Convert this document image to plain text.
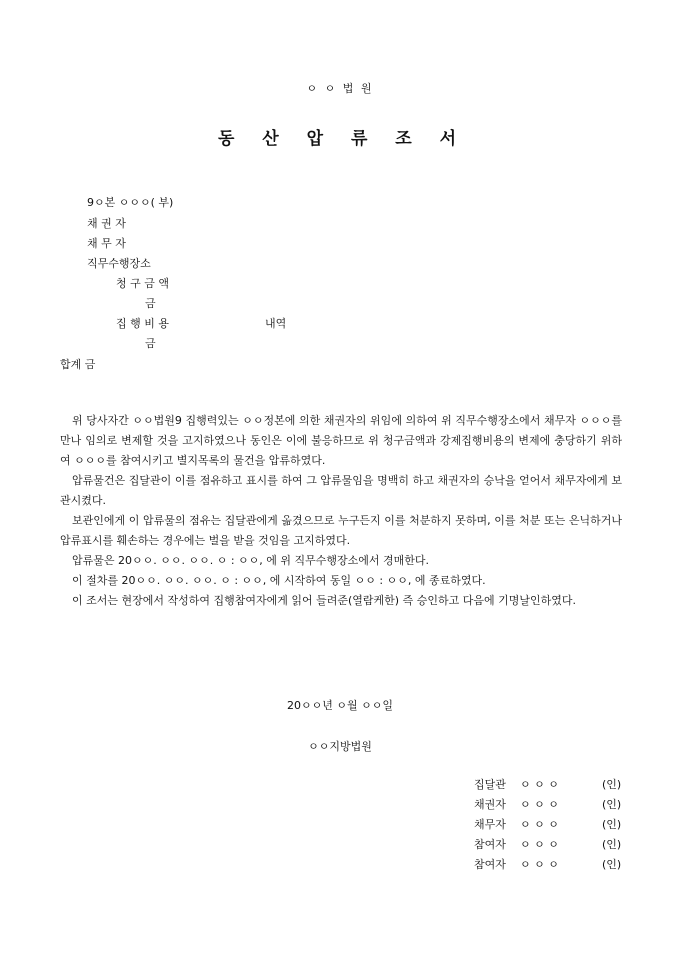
ㅇ ㅇ 법 원
동 산 압 류 조 서
9ㅇ본 ㅇㅇㅇ( 부)
채 권 자
채 무 자
직무수행장소
청 구 금 액
금
집 행 비 용	내역
금
합계 금

위 당사자간 ㅇㅇ법원9 집행력있는 ㅇㅇ정본에 의한 채권자의 위임에 의하여 위 직무수행장소에서 채무자 ㅇㅇㅇ를 만나 임의로 변제할 것을 고지하였으나 동인은 이에 불응하므로 위 청구금액과 강제집행비용의 변제에 충당하기 위하여 ㅇㅇㅇ를 참여시키고 별지목록의 물건을 압류하였다.

압류물건은 집달관이 이를 점유하고 표시를 하여 그 압류물임을 명백히 하고 채권자의 승낙을 얻어서 채무자에게 보관시켰다.

보관인에게 이 압류물의 점유는 집달관에게 옮겼으므로 누구든지 이를 처분하지 못하며, 이를 처분 또는 은닉하거나 압류표시를 훼손하는 경우에는 벌을 받을 것임을 고지하였다.

압류물은 20ㅇㅇ. ㅇㅇ. ㅇㅇ. ㅇ : ㅇㅇ, 에 위 직무수행장소에서 경매한다.

이 절차를 20ㅇㅇ. ㅇㅇ. ㅇㅇ. ㅇ : ㅇㅇ, 에 시작하여 동일 ㅇㅇ : ㅇㅇ, 에 종료하였다.

이 조서는 현장에서 작성하여 집행참여자에게 읽어 들려준(열람케한) 즉 승인하고 다음에 기명날인하였다.

20ㅇㅇ년 ㅇ월 ㅇㅇ일
ㅇㅇ지방법원
집달관 ㅇ ㅇ ㅇ	(인)
채권자 ㅇ ㅇ ㅇ	(인)
채무자 ㅇ ㅇ ㅇ	(인)
참여자 ㅇ ㅇ ㅇ	(인)
참여자 ㅇ ㅇ ㅇ	(인)
